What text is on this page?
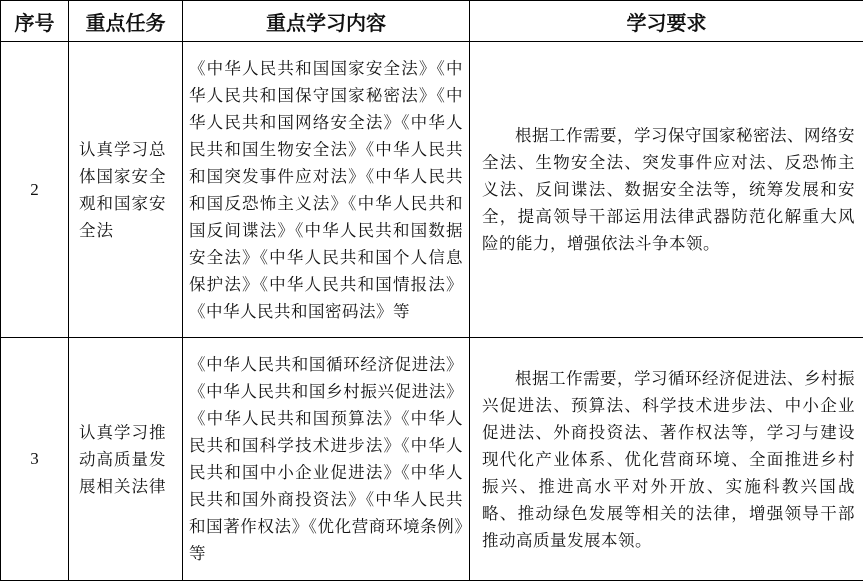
序号	重点任务	重点学习内容	学习要求
2	认真学习总体国家安全观和国家安全法	《中华人民共和国国家安全法》《中华人民共和国保守国家秘密法》《中华人民共和国网络安全法》《中华人民共和国生物安全法》《中华人民共和国突发事件应对法》《中华人民共和国反恐怖主义法》《中华人民共和国反间谍法》《中华人民共和国数据安全法》《中华人民共和国个人信息保护法》《中华人民共和国情报法》《中华人民共和国密码法》等	根据工作需要，学习保守国家秘密法、网络安全法、生物安全法、突发事件应对法、反恐怖主义法、反间谍法、数据安全法等，统筹发展和安全，提高领导干部运用法律武器防范化解重大风险的能力，增强依法斗争本领。
3	认真学习推动高质量发展相关法律	《中华人民共和国循环经济促进法》《中华人民共和国乡村振兴促进法》《中华人民共和国预算法》《中华人民共和国科学技术进步法》《中华人民共和国中小企业促进法》《中华人民共和国外商投资法》《中华人民共和国著作权法》《优化营商环境条例》等	根据工作需要，学习循环经济促进法、乡村振兴促进法、预算法、科学技术进步法、中小企业促进法、外商投资法、著作权法等，学习与建设现代化产业体系、优化营商环境、全面推进乡村振兴、推进高水平对外开放、实施科教兴国战略、推动绿色发展等相关的法律，增强领导干部推动高质量发展本领。
